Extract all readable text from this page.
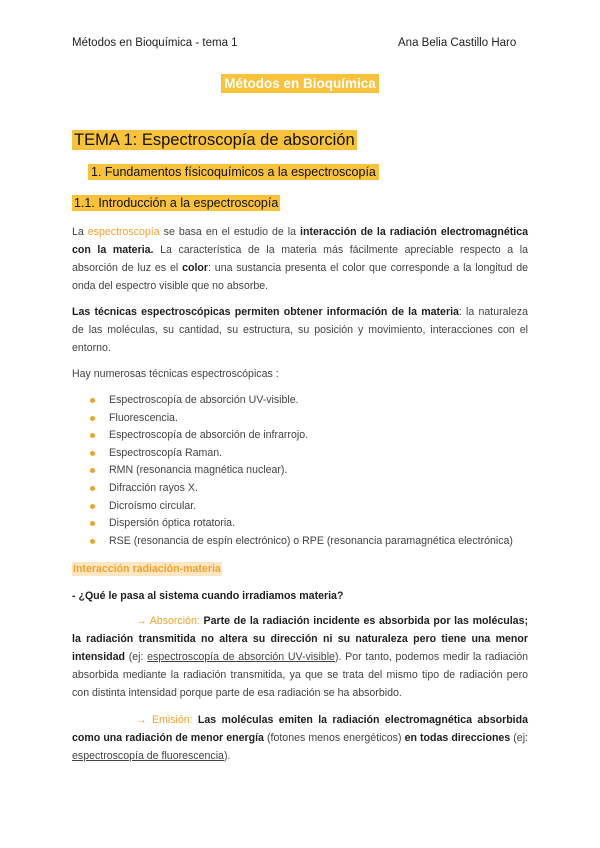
Métodos en Bioquímica - tema 1	Ana Belia Castillo Haro
Métodos en Bioquímica
TEMA 1: Espectroscopía de absorción
1. Fundamentos físicoquímicos a la espectroscopía
1.1. Introducción a la espectroscopía

La espectroscopía se basa en el estudio de la interacción de la radiación electromagnética con la materia. La característica de la materia más fácilmente apreciable respecto a la absorción de luz es el color: una sustancia presenta el color que corresponde a la longitud de onda del espectro visible que no absorbe.

Las técnicas espectroscópicas permiten obtener información de la materia: la naturaleza de las moléculas, su cantidad, su estructura, su posición y movimiento, interacciones con el entorno.

Hay numerosas técnicas espectroscópicas :

Espectroscopía de absorción UV-visible.
Fluorescencia.
Espectroscopía de absorción de infrarrojo.
Espectroscopía Raman.
RMN (resonancia magnética nuclear).
Difracción rayos X.
Dicroísmo circular.
Dispersión óptica rotatoria.
RSE (resonancia de espín electrónico) o RPE (resonancia paramagnética electrónica)
Interacción radiación-materia
- ¿Qué le pasa al sistema cuando irradiamos materia?

→ Absorción: Parte de la radiación incidente es absorbida por las moléculas; la radiación transmitida no altera su dirección ni su naturaleza pero tiene una menor intensidad (ej: espectroscopía de absorción UV-visible). Por tanto, podemos medir la radiación absorbida mediante la radiación transmitida, ya que se trata del mismo tipo de radiación pero con distinta intensidad porque parte de esa radiación se ha absorbido.

→ Emisión: Las moléculas emiten la radiación electromagnética absorbida como una radiación de menor energía (fotones menos energéticos) en todas direcciones (ej: espectroscopía de fluorescencia).
